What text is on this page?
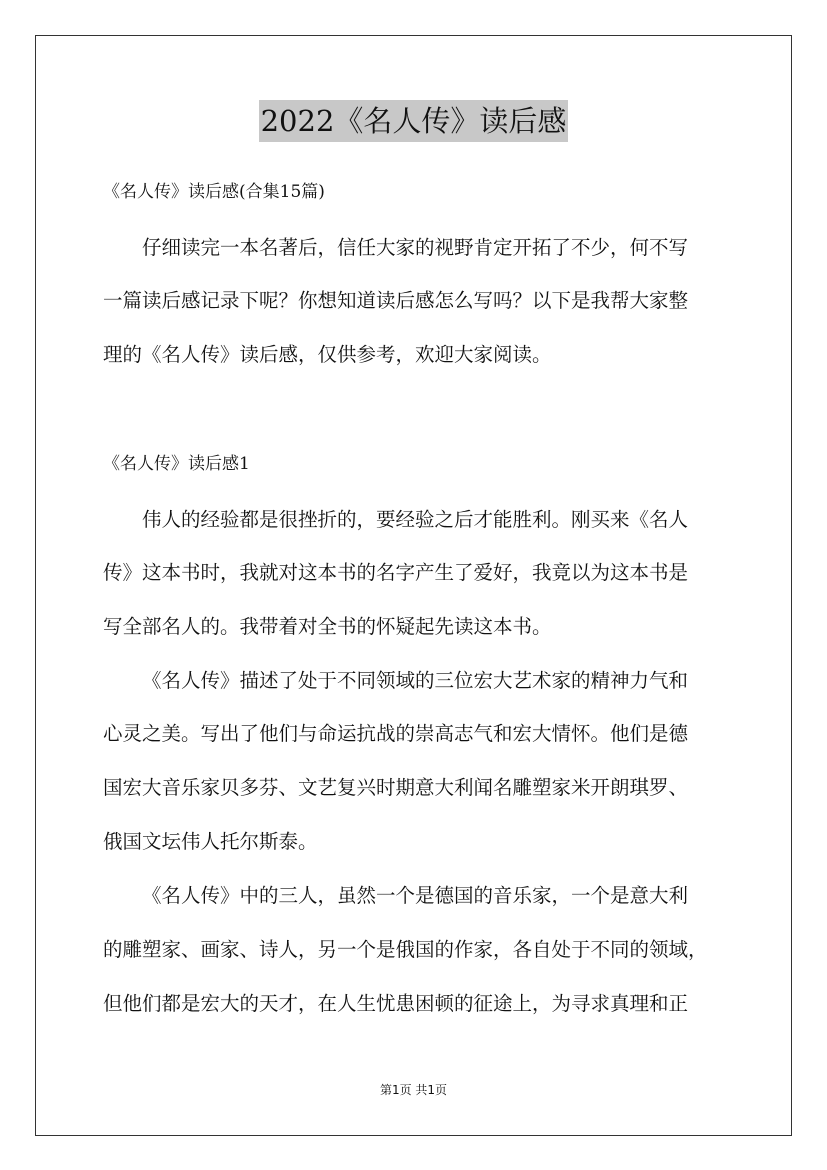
2022《名人传》读后感
《名人传》读后感(合集15篇)
仔细读完一本名著后，信任大家的视野肯定开拓了不少，何不写
一篇读后感记录下呢？你想知道读后感怎么写吗？以下是我帮大家整
理的《名人传》读后感，仅供参考，欢迎大家阅读。
《名人传》读后感1
伟人的经验都是很挫折的，要经验之后才能胜利。刚买来《名人
传》这本书时，我就对这本书的名字产生了爱好，我竟以为这本书是
写全部名人的。我带着对全书的怀疑起先读这本书。
《名人传》描述了处于不同领域的三位宏大艺术家的精神力气和
心灵之美。写出了他们与命运抗战的崇高志气和宏大情怀。他们是德
国宏大音乐家贝多芬、文艺复兴时期意大利闻名雕塑家米开朗琪罗、
俄国文坛伟人托尔斯泰。
《名人传》中的三人，虽然一个是德国的音乐家，一个是意大利
的雕塑家、画家、诗人，另一个是俄国的作家，各自处于不同的领域，
但他们都是宏大的天才，在人生忧患困顿的征途上，为寻求真理和正
第1页 共1页
